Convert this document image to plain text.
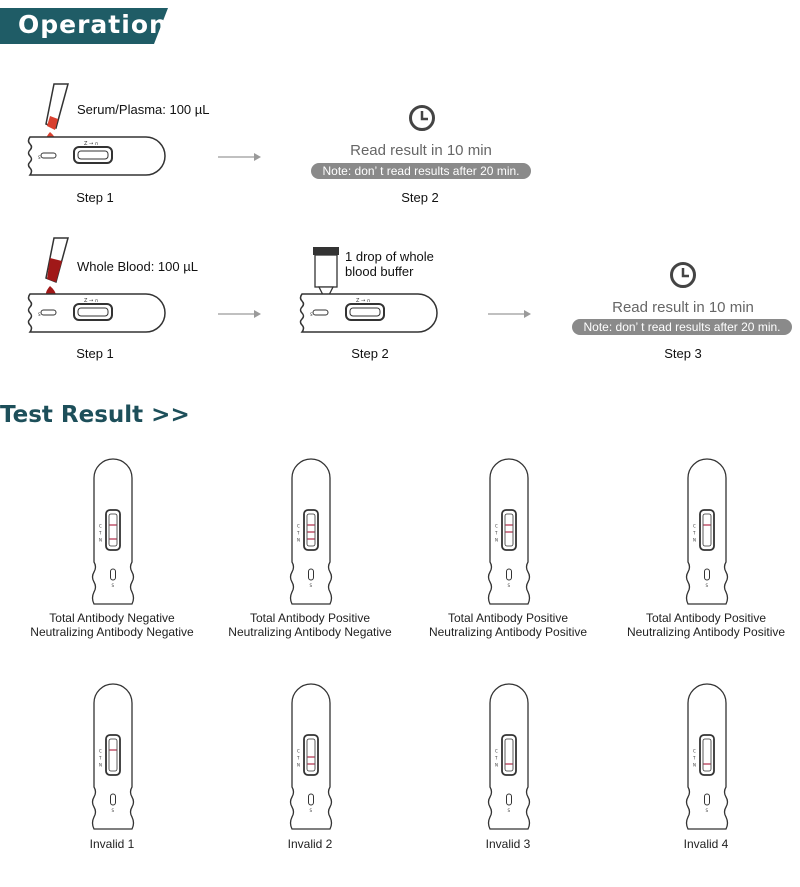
Operation
Serum/Plasma: 100 µL
Z → ∩
S
Step 1
Read result in 10 min
Note: don’ t read results after 20 min.
Step 2
Whole Blood: 100 µL
Z → ∩
S
Step 1
1 drop of whole
blood buffer
Z → ∩
S
Step 2
Read result in 10 min
Note: don’ t read results after 20 min.
Step 3
Test Result >>
C
T
N
S
C
T
N
S
C
T
N
S
C
T
N
S
C
T
N
S
C
T
N
S
C
T
N
S
C
T
N
S
Total Antibody Negative
Neutralizing Antibody Negative
Total Antibody Positive
Neutralizing Antibody Negative
Total Antibody Positive
Neutralizing Antibody Positive
Total Antibody Positive
Neutralizing Antibody Positive
Invalid 1	Invalid 2	Invalid 3	Invalid 4
